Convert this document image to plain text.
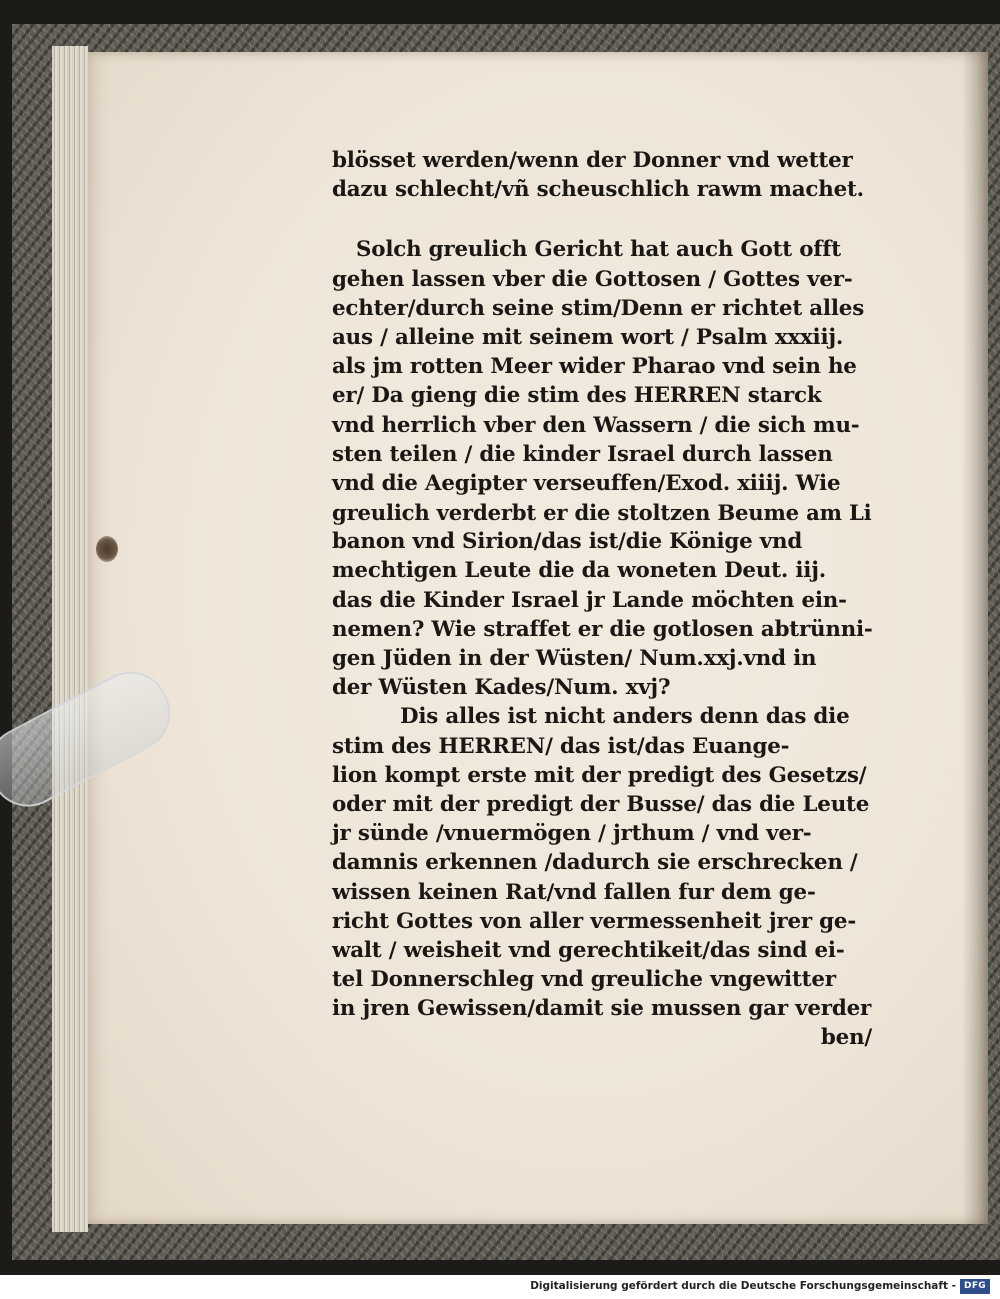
blösset werden/wenn der Donner vnd wetter
dazu schlecht/vñ scheuschlich rawm machet.
Solch greulich Gericht hat auch Gott offt
gehen lassen vber die Gottosen / Gottes ver-
echter/durch seine stim/Denn er richtet alles
aus / alleine mit seinem wort / Psalm xxxiij.
als jm rotten Meer wider Pharao vnd sein he
er/ Da gieng die stim des HERREN starck
vnd herrlich vber den Wassern / die sich mu-
sten teilen / die kinder Israel durch lassen
vnd die Aegipter verseuffen/Exod. xiiij. Wie
greulich verderbt er die stoltzen Beume am Li
banon vnd Sirion/das ist/die Könige vnd
mechtigen Leute die da woneten Deut. iij.
das die Kinder Israel jr Lande möchten ein-
nemen? Wie straffet er die gotlosen abtrünni-
gen Jüden in der Wüsten/ Num.xxj.vnd in
der Wüsten Kades/Num. xvj?
Dis alles ist nicht anders denn das die
stim des HERREN/ das ist/das Euange-
lion kompt erste mit der predigt des Gesetzs/
oder mit der predigt der Busse/ das die Leute
jr sünde /vnuermögen / jrthum / vnd ver-
damnis erkennen /dadurch sie erschrecken /
wissen keinen Rat/vnd fallen fur dem ge-
richt Gottes von aller vermessenheit jrer ge-
walt / weisheit vnd gerechtikeit/das sind ei-
tel Donnerschleg vnd greuliche vngewitter
in jren Gewissen/damit sie mussen gar verder
ben/
Digitalisierung gefördert durch die Deutsche Forschungsgemeinschaft - DFG
